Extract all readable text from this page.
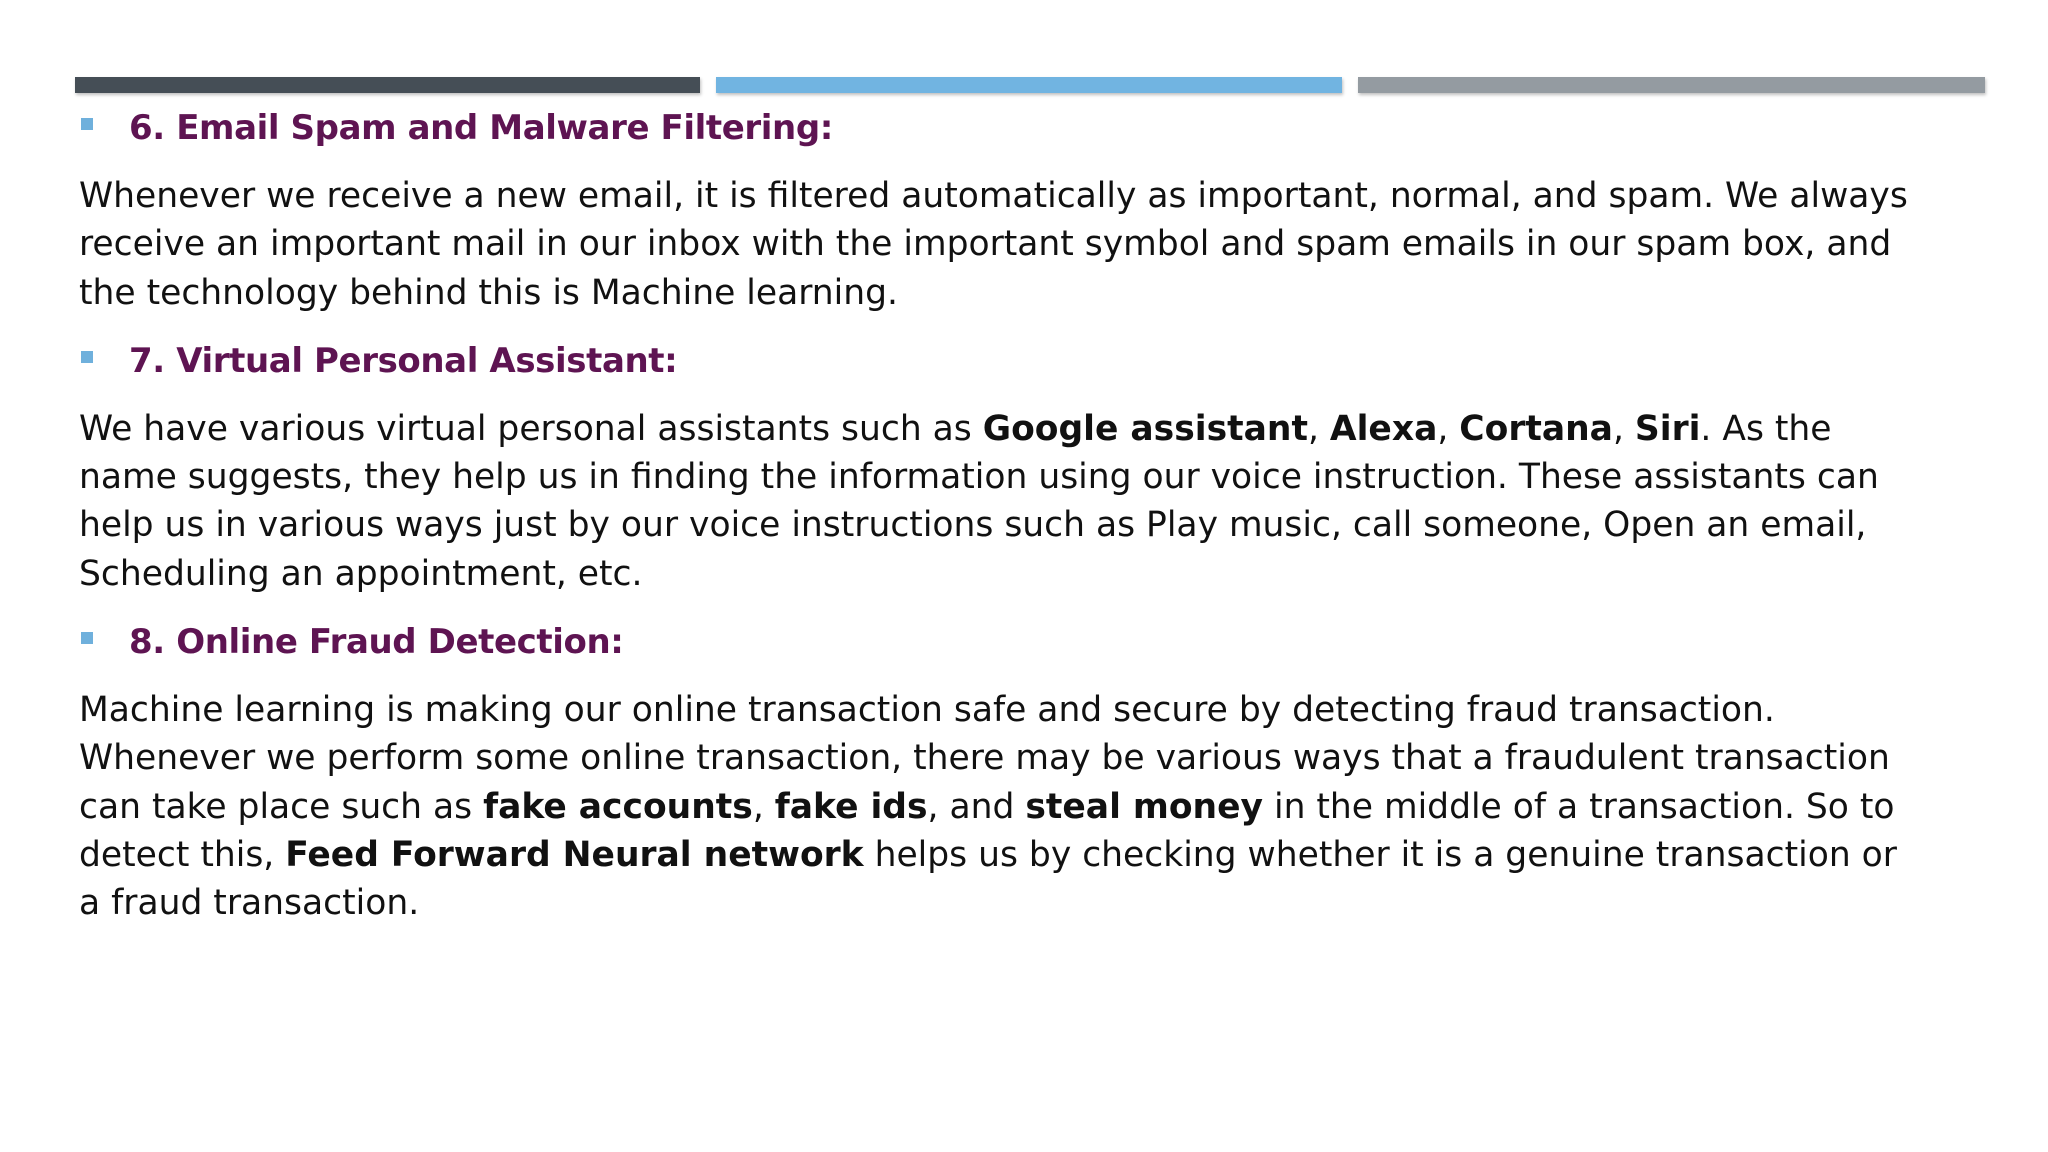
6. Email Spam and Malware Filtering:

Whenever we receive a new email, it is filtered automatically as important, normal, and spam. We always receive an important mail in our inbox with the important symbol and spam emails in our spam box, and the technology behind this is Machine learning.

7. Virtual Personal Assistant:

We have various virtual personal assistants such as Google assistant, Alexa, Cortana, Siri. As the name suggests, they help us in finding the information using our voice instruction. These assistants can help us in various ways just by our voice instructions such as Play music, call someone, Open an email, Scheduling an appointment, etc.

8. Online Fraud Detection:

Machine learning is making our online transaction safe and secure by detecting fraud transaction. Whenever we perform some online transaction, there may be various ways that a fraudulent transaction can take place such as fake accounts, fake ids, and steal money in the middle of a transaction. So to detect this, Feed Forward Neural network helps us by checking whether it is a genuine transaction or a fraud transaction.
